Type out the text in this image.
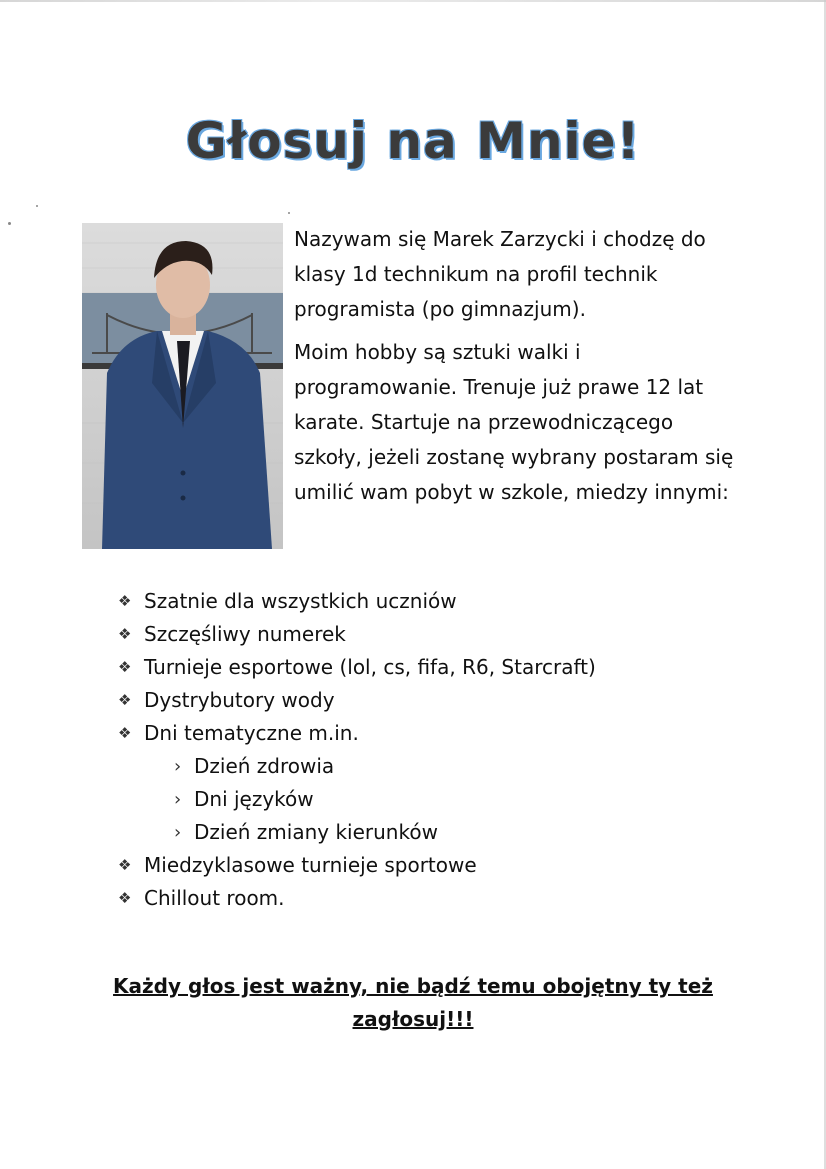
Głosuj na Mnie!

Nazywam się Marek Zarzycki i chodzę do klasy 1d technikum na profil technik programista (po gimnazjum).

Moim hobby są sztuki walki i programowanie. Trenuje już prawe 12 lat karate. Startuje na przewodniczącego szkoły, jeżeli zostanę wybrany postaram się umilić wam pobyt w szkole, miedzy innymi:

❖ Szatnie dla wszystkich uczniów
❖ Szczęśliwy numerek
❖ Turnieje esportowe (lol, cs, fifa, R6, Starcraft)
❖ Dystrybutory wody
❖ Dni tematyczne m.in.
› Dzień zdrowia
› Dni języków
› Dzień zmiany kierunków
❖ Miedzyklasowe turnieje sportowe
❖ Chillout room.
Każdy głos jest ważny, nie bądź temu obojętny ty też
zagłosuj!!!
